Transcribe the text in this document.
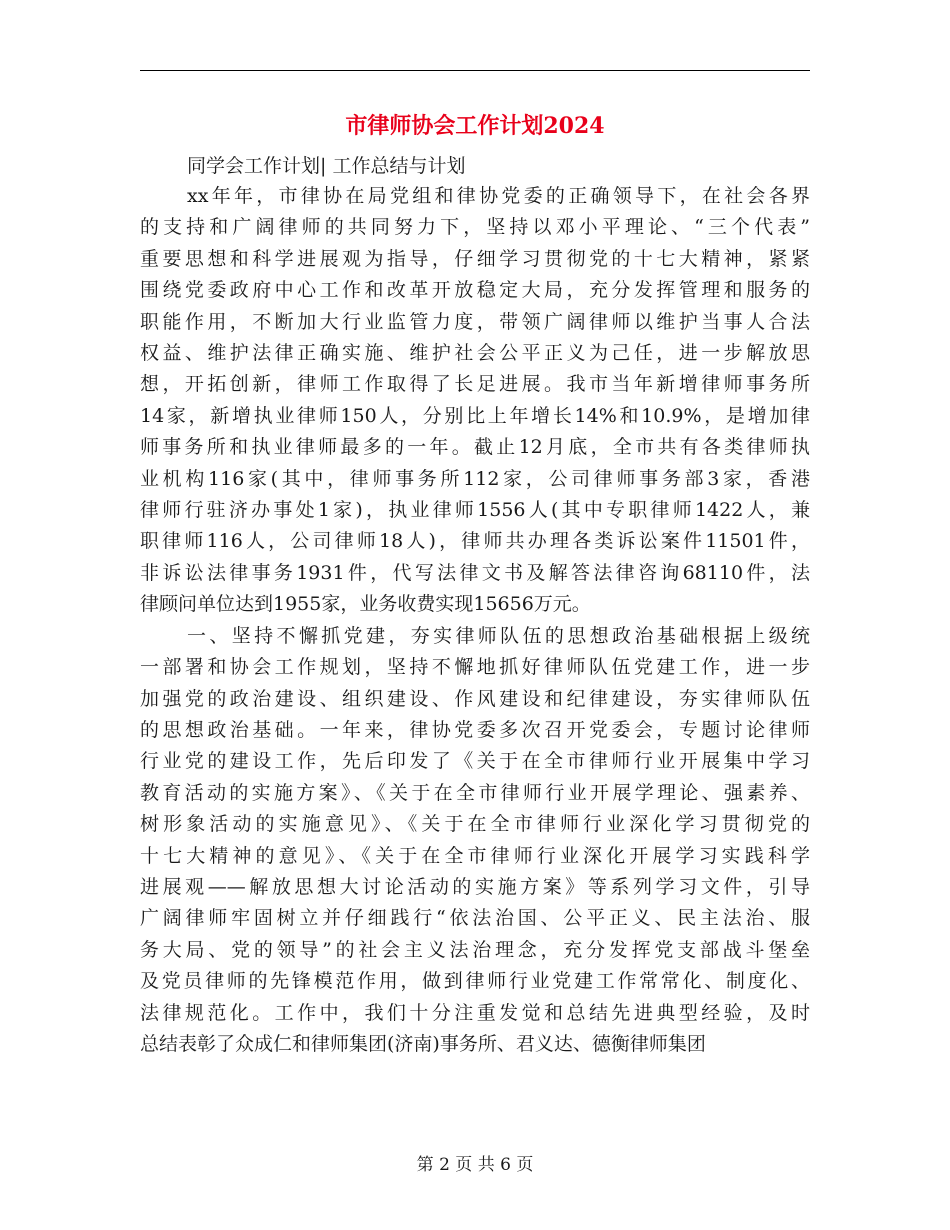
市律师协会工作计划2024

同学会工作计划| 工作总结与计划

xx年年，市律协在局党组和律协党委的正确领导下，在社会各界
的支持和广阔律师的共同努力下，坚持以邓小平理论、“三个代表”
重要思想和科学进展观为指导，仔细学习贯彻党的十七大精神，紧紧
围绕党委政府中心工作和改革开放稳定大局，充分发挥管理和服务的
职能作用，不断加大行业监管力度，带领广阔律师以维护当事人合法
权益、维护法律正确实施、维护社会公平正义为己任，进一步解放思
想，开拓创新，律师工作取得了长足进展。我市当年新增律师事务所
14家，新增执业律师150人，分别比上年增长14%和10.9%，是增加律
师事务所和执业律师最多的一年。截止12月底，全市共有各类律师执
业机构116家(其中，律师事务所112家，公司律师事务部3家，香港
律师行驻济办事处1家)，执业律师1556人(其中专职律师1422人，兼
职律师116人，公司律师18人)，律师共办理各类诉讼案件11501件，
非诉讼法律事务1931件，代写法律文书及解答法律咨询68110件，法
律顾问单位达到1955家，业务收费实现15656万元。

一、坚持不懈抓党建，夯实律师队伍的思想政治基础根据上级统
一部署和协会工作规划，坚持不懈地抓好律师队伍党建工作，进一步
加强党的政治建设、组织建设、作风建设和纪律建设，夯实律师队伍
的思想政治基础。一年来，律协党委多次召开党委会，专题讨论律师
行业党的建设工作，先后印发了《关于在全市律师行业开展集中学习
教育活动的实施方案》、《关于在全市律师行业开展学理论、强素养、
树形象活动的实施意见》、《关于在全市律师行业深化学习贯彻党的
十七大精神的意见》、《关于在全市律师行业深化开展学习实践科学
进展观——解放思想大讨论活动的实施方案》等系列学习文件，引导
广阔律师牢固树立并仔细践行“依法治国、公平正义、民主法治、服
务大局、党的领导”的社会主义法治理念，充分发挥党支部战斗堡垒
及党员律师的先锋模范作用，做到律师行业党建工作常常化、制度化、
法律规范化。工作中，我们十分注重发觉和总结先进典型经验，及时
总结表彰了众成仁和律师集团(济南)事务所、君义达、德衡律师集团

第 2 页 共 6 页
